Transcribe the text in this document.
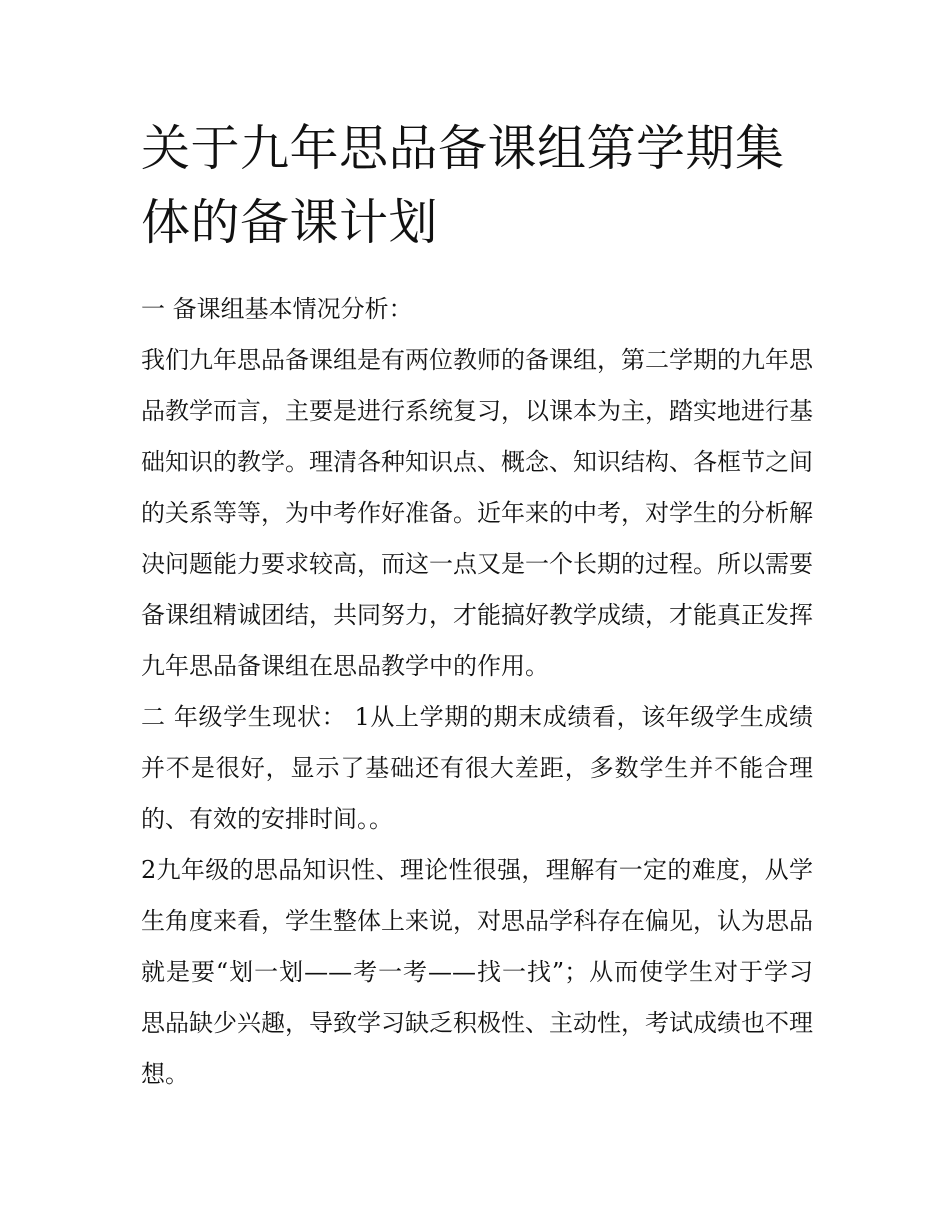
关于九年思品备课组第学期集体的备课计划

一 备课组基本情况分析：

我们九年思品备课组是有两位教师的备课组，第二学期的九年思品教学而言，主要是进行系统复习，以课本为主，踏实地进行基础知识的教学。理清各种知识点、概念、知识结构、各框节之间的关系等等，为中考作好准备。近年来的中考，对学生的分析解决问题能力要求较高，而这一点又是一个长期的过程。所以需要备课组精诚团结，共同努力，才能搞好教学成绩，才能真正发挥九年思品备课组在思品教学中的作用。

二 年级学生现状： 1从上学期的期末成绩看，该年级学生成绩并不是很好，显示了基础还有很大差距，多数学生并不能合理的、有效的安排时间。。

2九年级的思品知识性、理论性很强，理解有一定的难度，从学生角度来看，学生整体上来说，对思品学科存在偏见，认为思品就是要“划一划——考一考——找一找”；从而使学生对于学习思品缺少兴趣，导致学习缺乏积极性、主动性，考试成绩也不理想。
